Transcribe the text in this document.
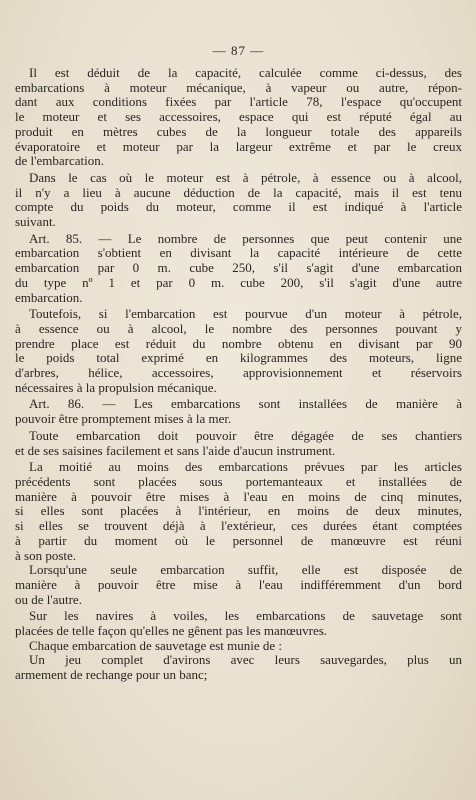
— 87 —
Il est déduit de la capacité, calculée comme ci-dessus, des
embarcations à moteur mécanique, à vapeur ou autre, répon-
dant aux conditions fixées par l'article 78, l'espace qu'occupent
le moteur et ses accessoires, espace qui est réputé égal au
produit en mètres cubes de la longueur totale des appareils
évaporatoire et moteur par la largeur extrême et par le creux
de l'embarcation.
Dans le cas où le moteur est à pétrole, à essence ou à alcool,
il n'y a lieu à aucune déduction de la capacité, mais il est tenu
compte du poids du moteur, comme il est indiqué à l'article
suivant.
Art. 85. — Le nombre de personnes que peut contenir une
embarcation s'obtient en divisant la capacité intérieure de cette
embarcation par 0 m. cube 250, s'il s'agit d'une embarcation
du type nº 1 et par 0 m. cube 200, s'il s'agit d'une autre
embarcation.
Toutefois, si l'embarcation est pourvue d'un moteur à pétrole,
à essence ou à alcool, le nombre des personnes pouvant y
prendre place est réduit du nombre obtenu en divisant par 90
le poids total exprimé en kilogrammes des moteurs, ligne
d'arbres, hélice, accessoires, approvisionnement et réservoirs
nécessaires à la propulsion mécanique.
Art. 86. — Les embarcations sont installées de manière à
pouvoir être promptement mises à la mer.
Toute embarcation doit pouvoir être dégagée de ses chantiers
et de ses saisines facilement et sans l'aide d'aucun instrument.
La moitié au moins des embarcations prévues par les articles
précédents sont placées sous portemanteaux et installées de
manière à pouvoir être mises à l'eau en moins de cinq minutes,
si elles sont placées à l'intérieur, en moins de deux minutes,
si elles se trouvent déjà à l'extérieur, ces durées étant comptées
à partir du moment où le personnel de manœuvre est réuni
à son poste.
Lorsqu'une seule embarcation suffit, elle est disposée de
manière à pouvoir être mise à l'eau indifféremment d'un bord
ou de l'autre.
Sur les navires à voiles, les embarcations de sauvetage sont
placées de telle façon qu'elles ne gênent pas les manœuvres.
Chaque embarcation de sauvetage est munie de :
Un jeu complet d'avirons avec leurs sauvegardes, plus un
armement de rechange pour un banc;
